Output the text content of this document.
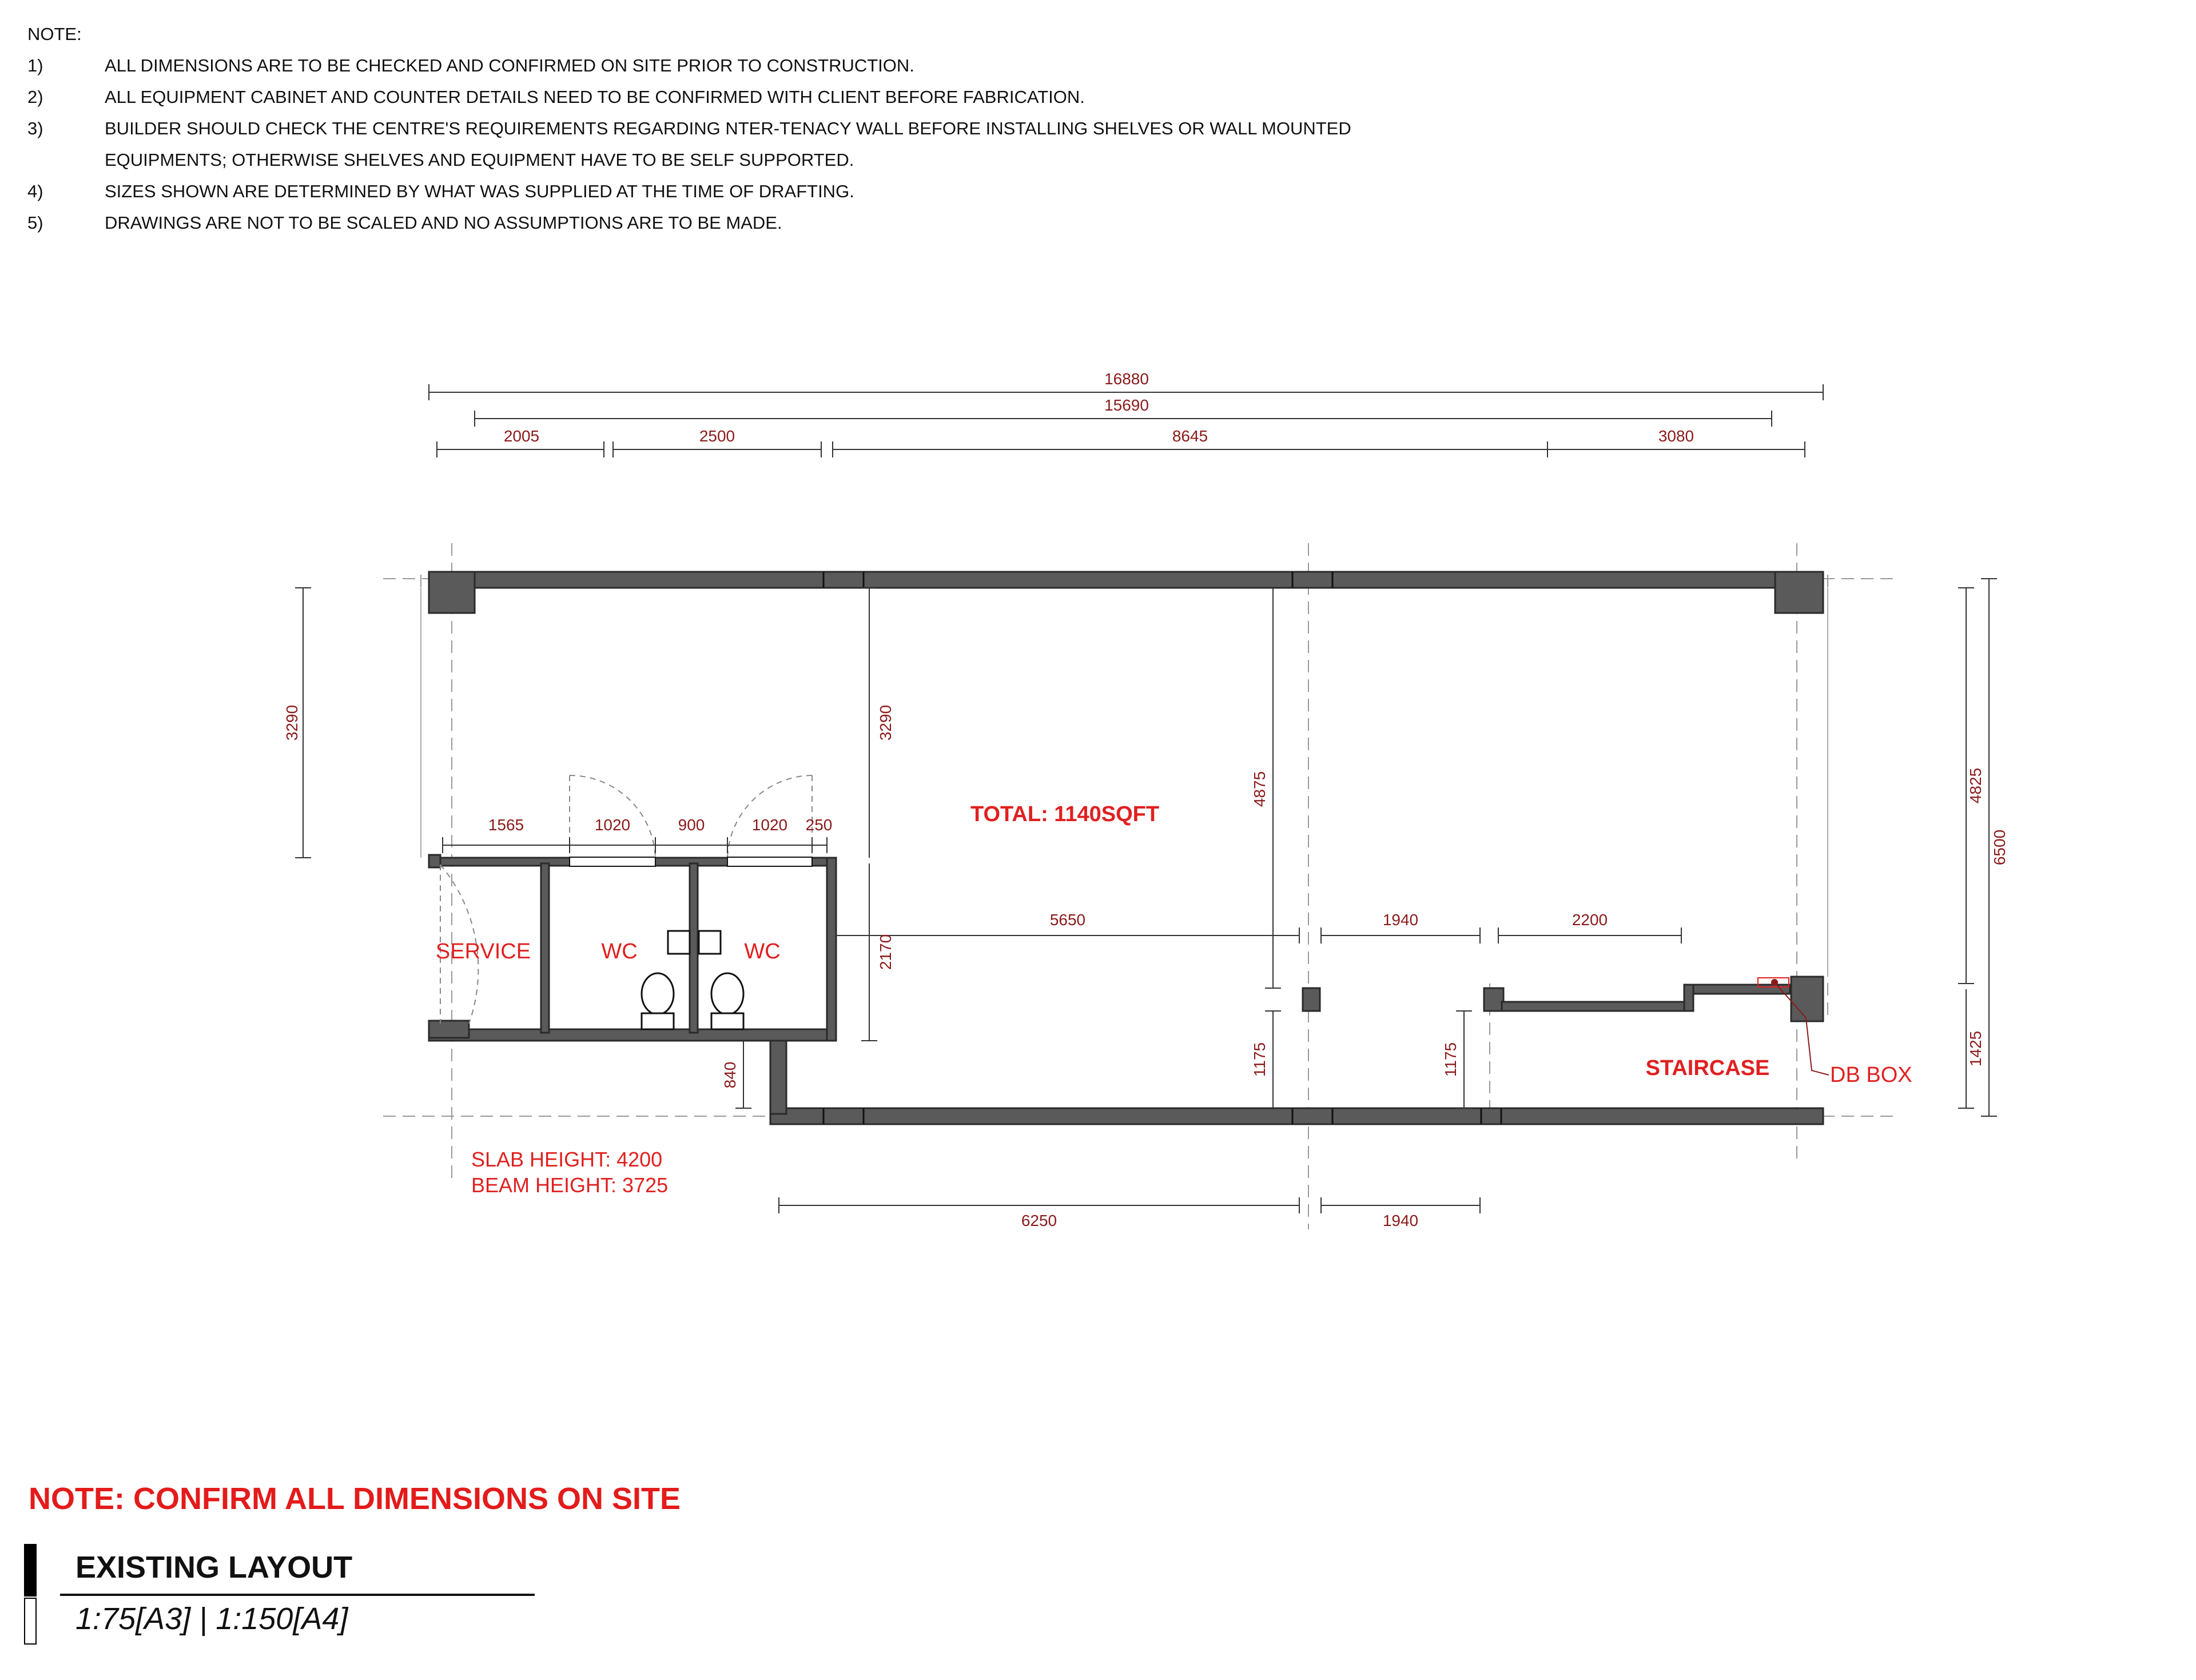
NOTE:
1)	ALL DIMENSIONS ARE TO BE CHECKED AND CONFIRMED ON SITE PRIOR TO CONSTRUCTION.
2)	ALL EQUIPMENT CABINET AND COUNTER DETAILS NEED TO BE CONFIRMED WITH CLIENT BEFORE FABRICATION.
3)	BUILDER SHOULD CHECK THE CENTRE'S REQUIREMENTS REGARDING NTER-TENACY WALL BEFORE INSTALLING SHELVES OR WALL MOUNTED
EQUIPMENTS; OTHERWISE SHELVES AND EQUIPMENT HAVE TO BE SELF SUPPORTED.
4)	SIZES SHOWN ARE DETERMINED BY WHAT WAS SUPPLIED AT THE TIME OF DRAFTING.
5)	DRAWINGS ARE NOT TO BE SCALED AND NO ASSUMPTIONS ARE TO BE MADE.
16880
15690
2005	2500	8645	3080
3290	3290
1565	1020	900	1020 250
2170
5650
4875
1175	1175
1940	2200
4825
6500
1425
840
6250	1940
SERVICE	WC	WC
TOTAL: 1140SQFT
STAIRCASE	DB BOX
SLAB HEIGHT: 4200
BEAM HEIGHT: 3725
NOTE: CONFIRM ALL DIMENSIONS ON SITE
EXISTING LAYOUT
1:75[A3] | 1:150[A4]
